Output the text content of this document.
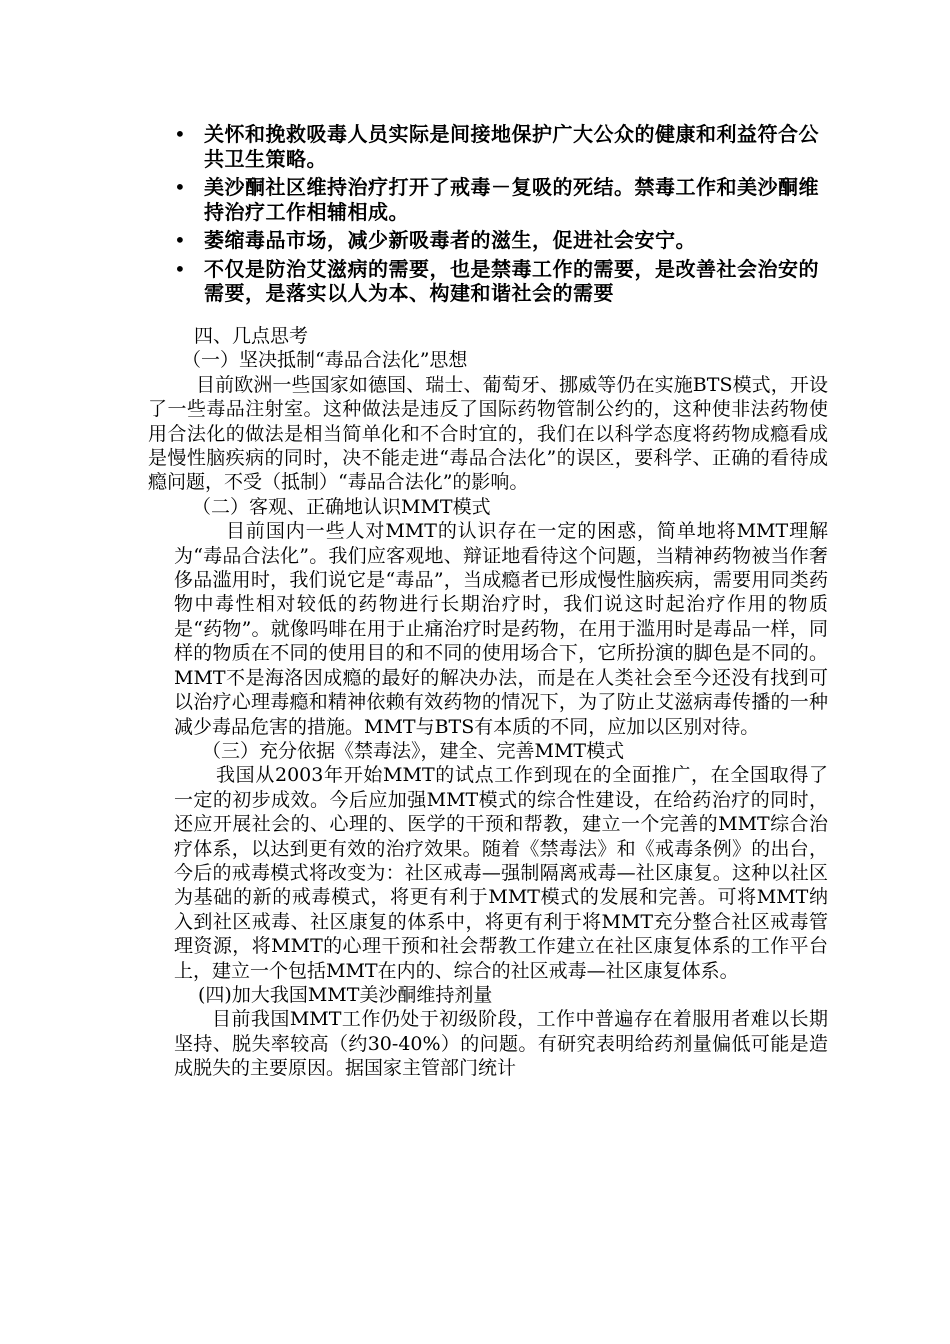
• 关怀和挽救吸毒人员实际是间接地保护广大公众的健康和利益符合公共卫生策略。
• 美沙酮社区维持治疗打开了戒毒－复吸的死结。禁毒工作和美沙酮维持治疗工作相辅相成。
• 萎缩毒品市场，减少新吸毒者的滋生，促进社会安宁。
• 不仅是防治艾滋病的需要，也是禁毒工作的需要，是改善社会治安的需要，是落实以人为本、构建和谐社会的需要

四、几点思考

（一）坚决抵制“毒品合法化”思想

目前欧洲一些国家如德国、瑞士、葡萄牙、挪威等仍在实施BTS模式，开设了一些毒品注射室。这种做法是违反了国际药物管制公约的，这种使非法药物使用合法化的做法是相当简单化和不合时宜的，我们在以科学态度将药物成瘾看成是慢性脑疾病的同时，决不能走进“毒品合法化”的误区，要科学、正确的看待成瘾问题，不受（抵制）“毒品合法化”的影响。

（二）客观、正确地认识MMT模式

目前国内一些人对MMT的认识存在一定的困惑，简单地将MMT理解为“毒品合法化”。我们应客观地、辩证地看待这个问题，当精神药物被当作奢侈品滥用时，我们说它是“毒品”，当成瘾者已形成慢性脑疾病，需要用同类药物中毒性相对较低的药物进行长期治疗时，我们说这时起治疗作用的物质是“药物”。就像吗啡在用于止痛治疗时是药物，在用于滥用时是毒品一样，同样的物质在不同的使用目的和不同的使用场合下，它所扮演的脚色是不同的。MMT不是海洛因成瘾的最好的解决办法，而是在人类社会至今还没有找到可以治疗心理毒瘾和精神依赖有效药物的情况下，为了防止艾滋病毒传播的一种减少毒品危害的措施。MMT与BTS有本质的不同，应加以区别对待。

（三）充分依据《禁毒法》，建全、完善MMT模式

我国从2003年开始MMT的试点工作到现在的全面推广，在全国取得了一定的初步成效。今后应加强MMT模式的综合性建设，在给药治疗的同时，还应开展社会的、心理的、医学的干预和帮教，建立一个完善的MMT综合治疗体系，以达到更有效的治疗效果。随着《禁毒法》和《戒毒条例》的出台，今后的戒毒模式将改变为：社区戒毒—强制隔离戒毒—社区康复。这种以社区为基础的新的戒毒模式，将更有利于MMT模式的发展和完善。可将MMT纳入到社区戒毒、社区康复的体系中，将更有利于将MMT充分整合社区戒毒管理资源，将MMT的心理干预和社会帮教工作建立在社区康复体系的工作平台上，建立一个包括MMT在内的、综合的社区戒毒—社区康复体系。

(四)加大我国MMT美沙酮维持剂量

目前我国MMT工作仍处于初级阶段，工作中普遍存在着服用者难以长期坚持、脱失率较高（约30-40%）的问题。有研究表明给药剂量偏低可能是造成脱失的主要原因。据国家主管部门统计
